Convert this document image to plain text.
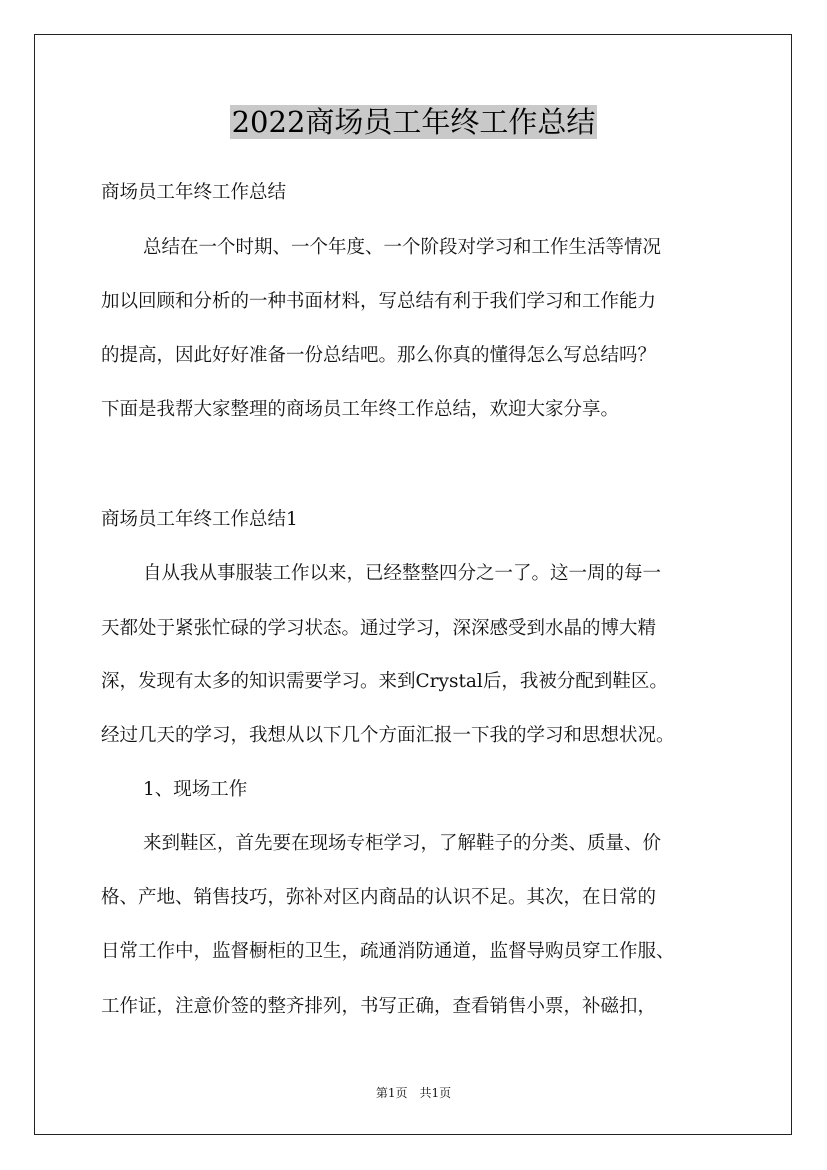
2022商场员工年终工作总结
商场员工年终工作总结
总结在一个时期、一个年度、一个阶段对学习和工作生活等情况
加以回顾和分析的一种书面材料，写总结有利于我们学习和工作能力
的提高，因此好好准备一份总结吧。那么你真的懂得怎么写总结吗？
下面是我帮大家整理的商场员工年终工作总结，欢迎大家分享。
商场员工年终工作总结1
自从我从事服装工作以来，已经整整四分之一了。这一周的每一
天都处于紧张忙碌的学习状态。通过学习，深深感受到水晶的博大精
深，发现有太多的知识需要学习。来到Crystal后，我被分配到鞋区。
经过几天的学习，我想从以下几个方面汇报一下我的学习和思想状况。
1、现场工作
来到鞋区，首先要在现场专柜学习，了解鞋子的分类、质量、价
格、产地、销售技巧，弥补对区内商品的认识不足。其次，在日常的
日常工作中，监督橱柜的卫生，疏通消防通道，监督导购员穿工作服、
工作证，注意价签的整齐排列，书写正确，查看销售小票，补磁扣，
第1页 共1页
